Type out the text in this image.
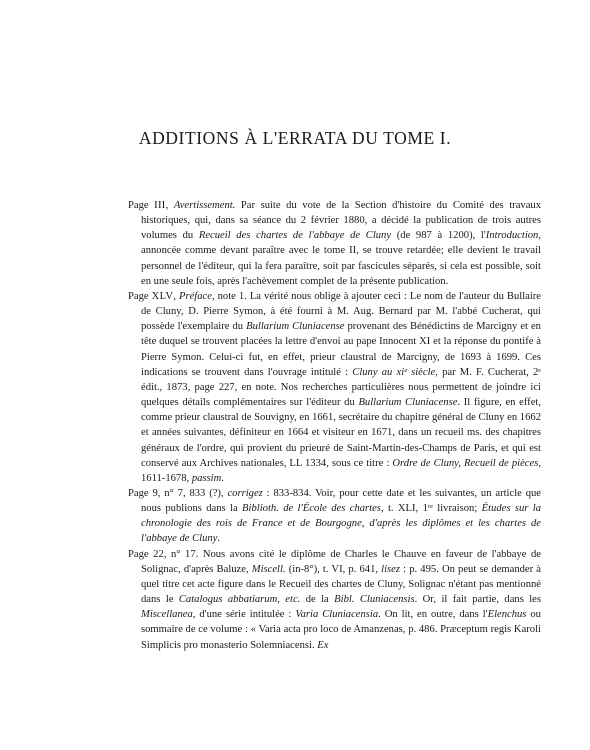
ADDITIONS À L'ERRATA DU TOME I.

Page III, Avertissement. Par suite du vote de la Section d'histoire du Comité des travaux historiques, qui, dans sa séance du 2 février 1880, a décidé la publication de trois autres volumes du Recueil des chartes de l'abbaye de Cluny (de 987 à 1200), l'Introduction, annoncée comme devant paraître avec le tome II, se trouve retardée; elle devient le travail personnel de l'éditeur, qui la fera paraître, soit par fascicules séparés, si cela est possible, soit en une seule fois, après l'achèvement complet de la présente publication.

Page XLV, Préface, note 1. La vérité nous oblige à ajouter ceci : Le nom de l'auteur du Bullaire de Cluny, D. Pierre Symon, à été fourni à M. Aug. Bernard par M. l'abbé Cucherat, qui possède l'exemplaire du Bullarium Cluniacense provenant des Bénédictins de Marcigny et en tête duquel se trouvent placées la lettre d'envoi au pape Innocent XI et la réponse du pontife à Pierre Symon. Celui-ci fut, en effet, prieur claustral de Marcigny, de 1693 à 1699. Ces indications se trouvent dans l'ouvrage intitulé : Cluny au xiᵉ siècle, par M. F. Cucherat, 2ᵉ édit., 1873, page 227, en note. Nos recherches particulières nous permettent de joindre ici quelques détails complémentaires sur l'éditeur du Bullarium Cluniacense. Il figure, en effet, comme prieur claustral de Souvigny, en 1661, secrétaire du chapitre général de Cluny en 1662 et années suivantes, définiteur en 1664 et visiteur en 1671, dans un recueil ms. des chapitres généraux de l'ordre, qui provient du prieuré de Saint-Martin-des-Champs de Paris, et qui est conservé aux Archives nationales, LL 1334, sous ce titre : Ordre de Cluny, Recueil de pièces, 1611-1678, passim.

Page 9, n° 7, 833 (?), corrigez : 833-834. Voir, pour cette date et les suivantes, un article que nous publions dans la Biblioth. de l'École des chartes, t. XLI, 1ʳᵉ livraison; Études sur la chronologie des rois de France et de Bourgogne, d'après les diplômes et les chartes de l'abbaye de Cluny.

Page 22, n° 17. Nous avons cité le diplôme de Charles le Chauve en faveur de l'abbaye de Solignac, d'après Baluze, Miscell. (in-8°), t. VI, p. 641, lisez : p. 495. On peut se demander à quel titre cet acte figure dans le Recueil des chartes de Cluny, Solignac n'étant pas mentionné dans le Catalogus abbatiarum, etc. de la Bibl. Cluniacensis. Or, il fait partie, dans les Miscellanea, d'une série intitulée : Varia Cluniacensia. On lit, en outre, dans l'Elenchus ou sommaire de ce volume : « Varia acta pro loco de Amanzenas, p. 486. Præceptum regis Karoli Simplicis pro monasterio Solemniacensi. Ex
